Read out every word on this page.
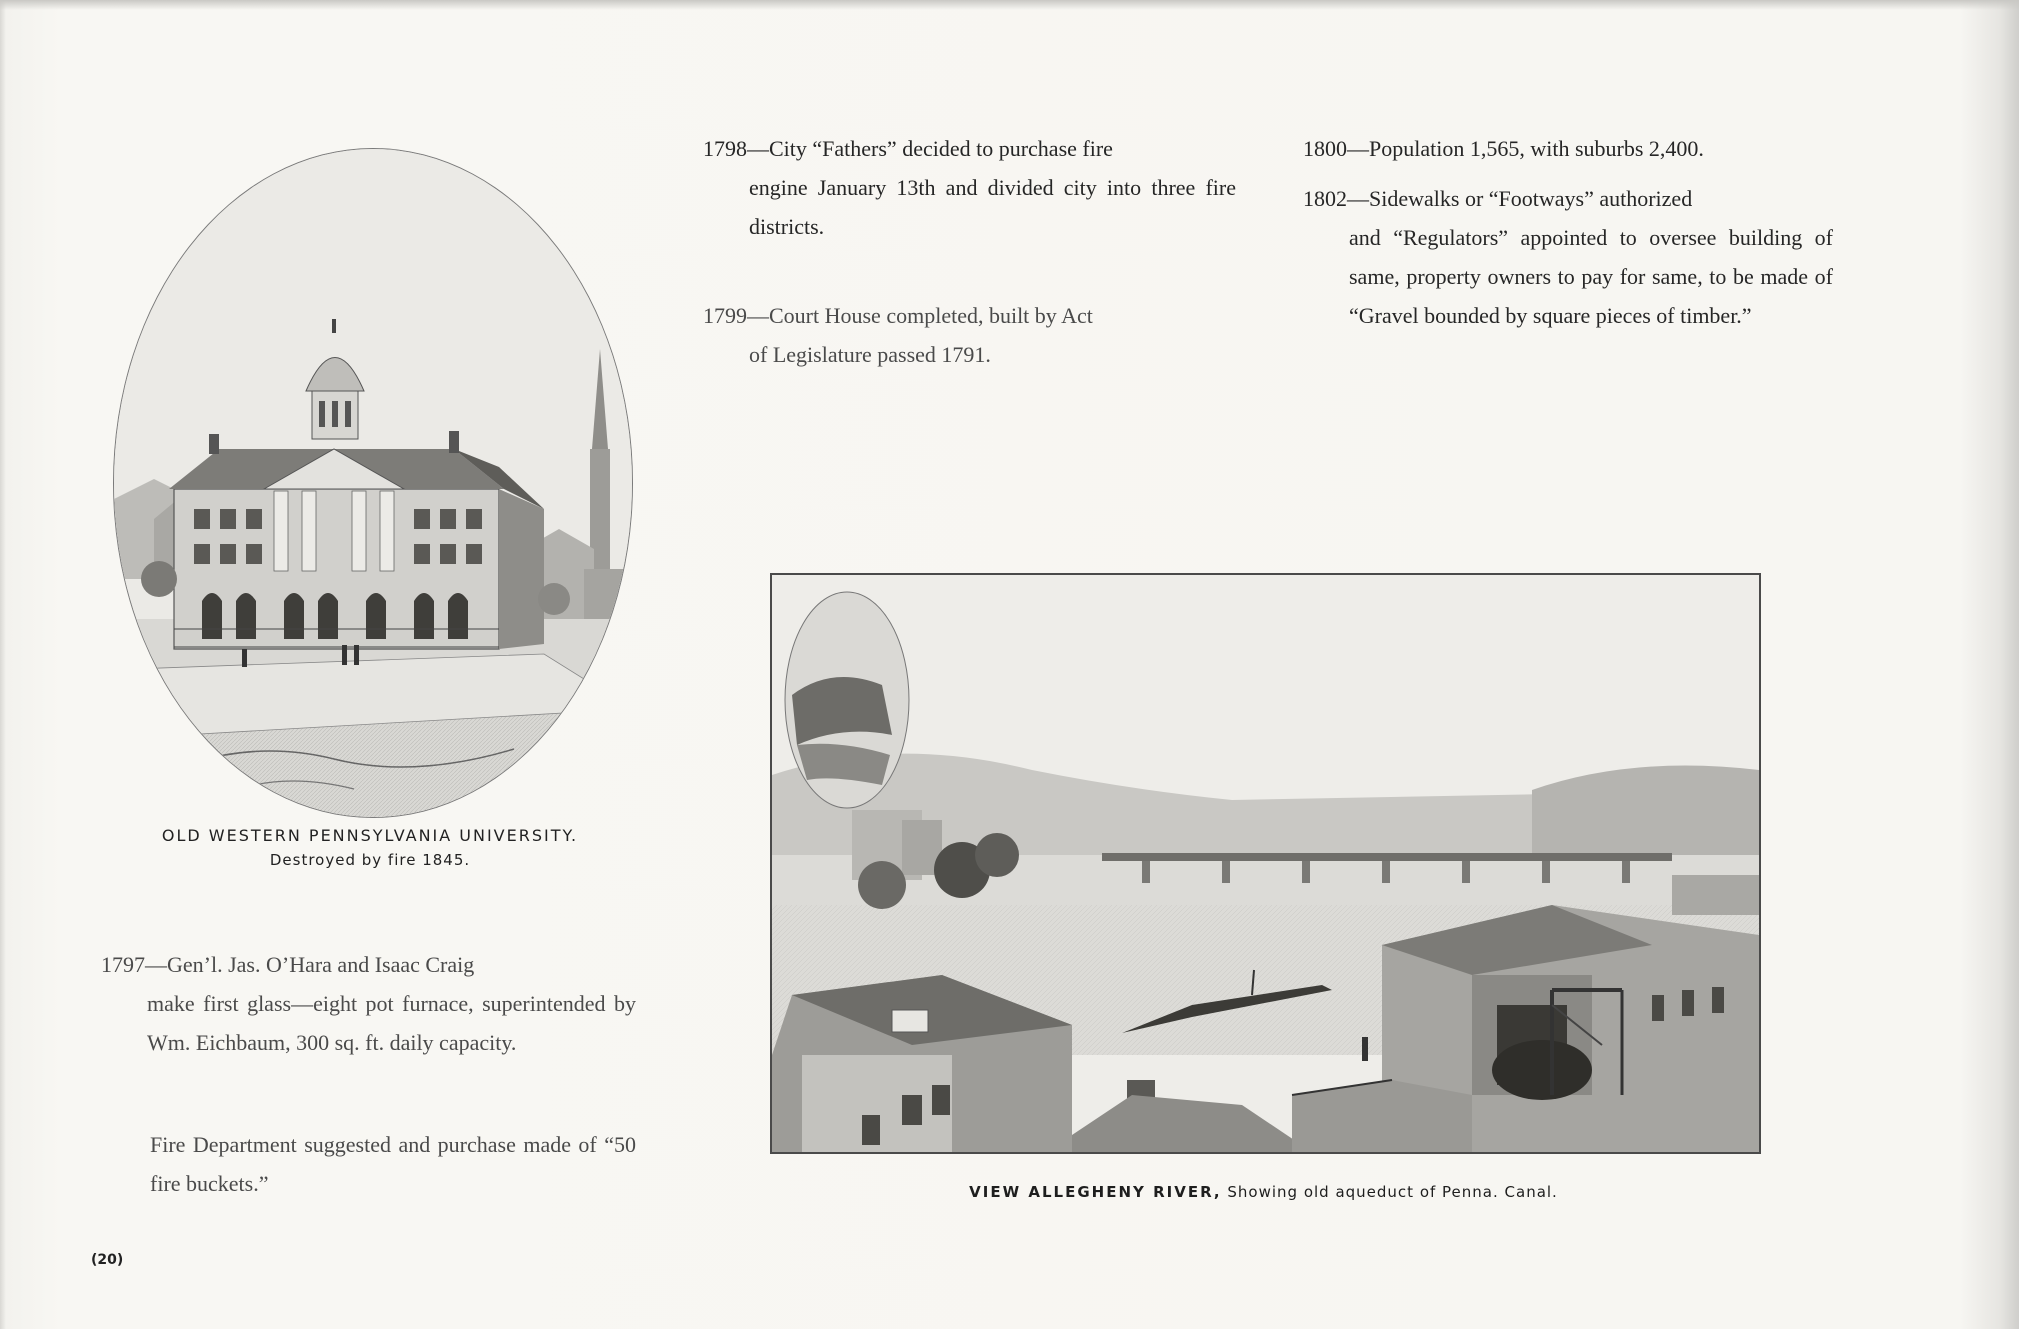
OLD WESTERN PENNSYLVANIA UNIVERSITY.
Destroyed by fire 1845.
1798—City “Fathers” decided to purchase fire
engine January 13th and divided city into three fire districts.
1799—Court House completed, built by Act
of Legislature passed 1791.
1800—Population 1,565, with suburbs 2,400.
1802—Sidewalks or “Footways” authorized
and “Regulators” appointed to oversee building of same, property owners to pay for same, to be made of “Gravel bounded by square pieces of timber.”
1797—Gen’l. Jas. O’Hara and Isaac Craig
make first glass—eight pot furnace, superintended by Wm. Eichbaum, 300 sq. ft. daily capacity.
Fire Department suggested and purchase made of “50 fire buckets.”	VIEW ALLEGHENY RIVER, Showing old aqueduct of Penna. Canal.
(20)
